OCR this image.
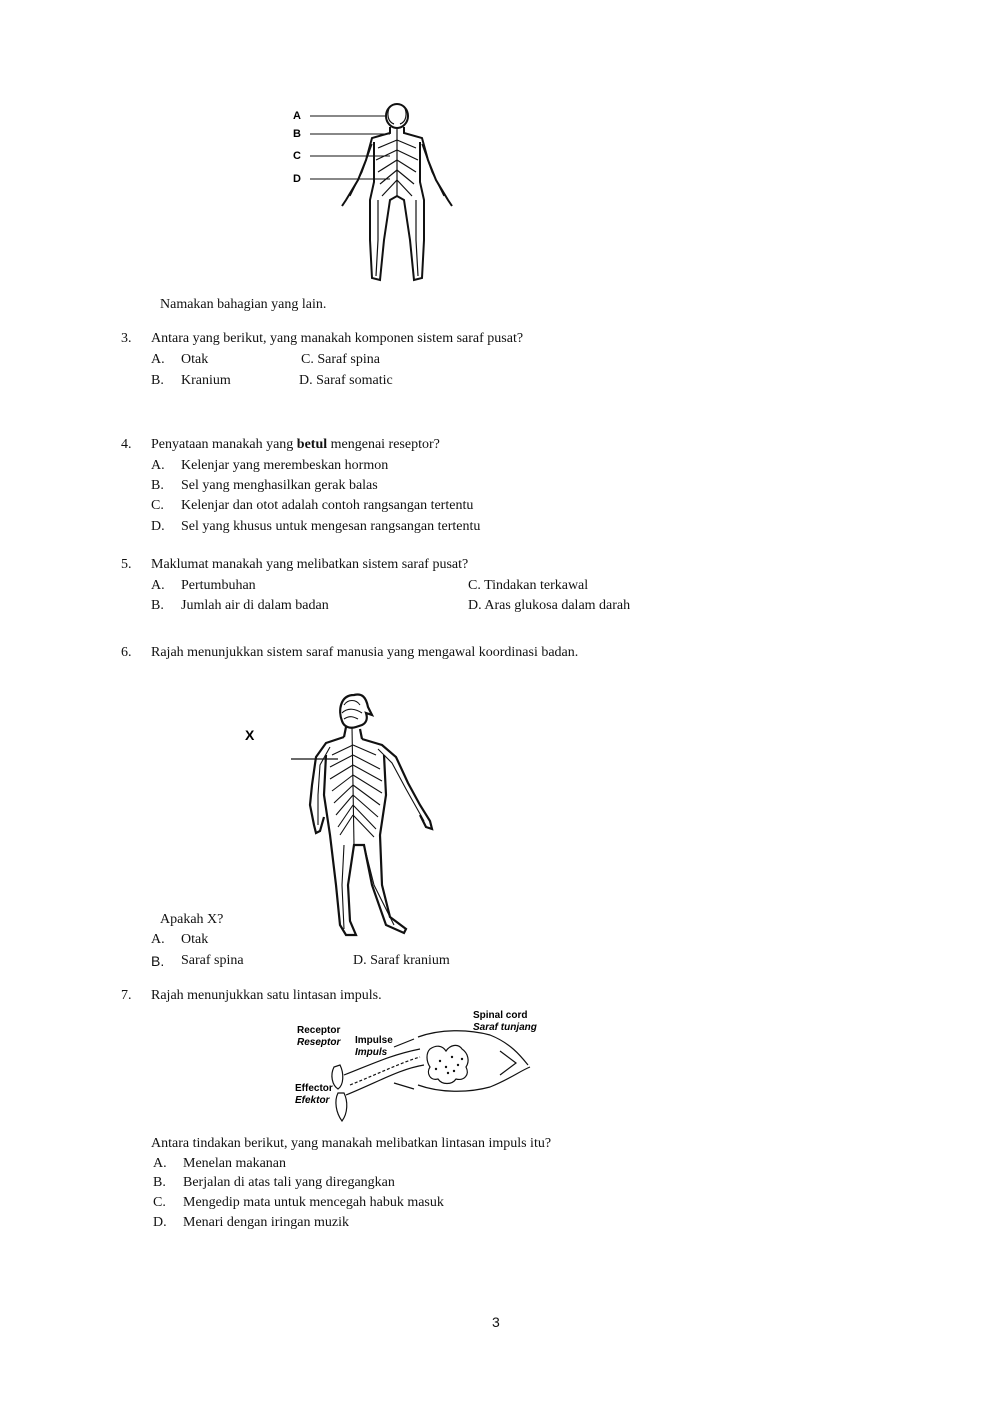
A
B
C
D
Namakan bahagian yang lain.
3. Antara yang berikut, yang manakah komponen sistem saraf pusat?
A. Otak	C. Saraf spina
B. Kranium	D. Saraf somatic
4. Penyataan manakah yang betul mengenai reseptor?
A. Kelenjar yang merembeskan hormon
B. Sel yang menghasilkan gerak balas
C. Kelenjar dan otot adalah contoh rangsangan tertentu
D. Sel yang khusus untuk mengesan rangsangan tertentu
5. Maklumat manakah yang melibatkan sistem saraf pusat?
A. Pertumbuhan	C. Tindakan terkawal
B. Jumlah air di dalam badan	D. Aras glukosa dalam darah
6. Rajah menunjukkan sistem saraf manusia yang mengawal koordinasi badan.
X
Apakah X?
A. Otak
B. Saraf spina	D. Saraf kranium
7. Rajah menunjukkan satu lintasan impuls.
Spinal cord
Saraf tunjang
Receptor
Reseptor Impulse
Impuls
Effector
Efektor
Antara tindakan berikut, yang manakah melibatkan lintasan impuls itu?
A. Menelan makanan
B. Berjalan di atas tali yang diregangkan
C. Mengedip mata untuk mencegah habuk masuk
D. Menari dengan iringan muzik
3
